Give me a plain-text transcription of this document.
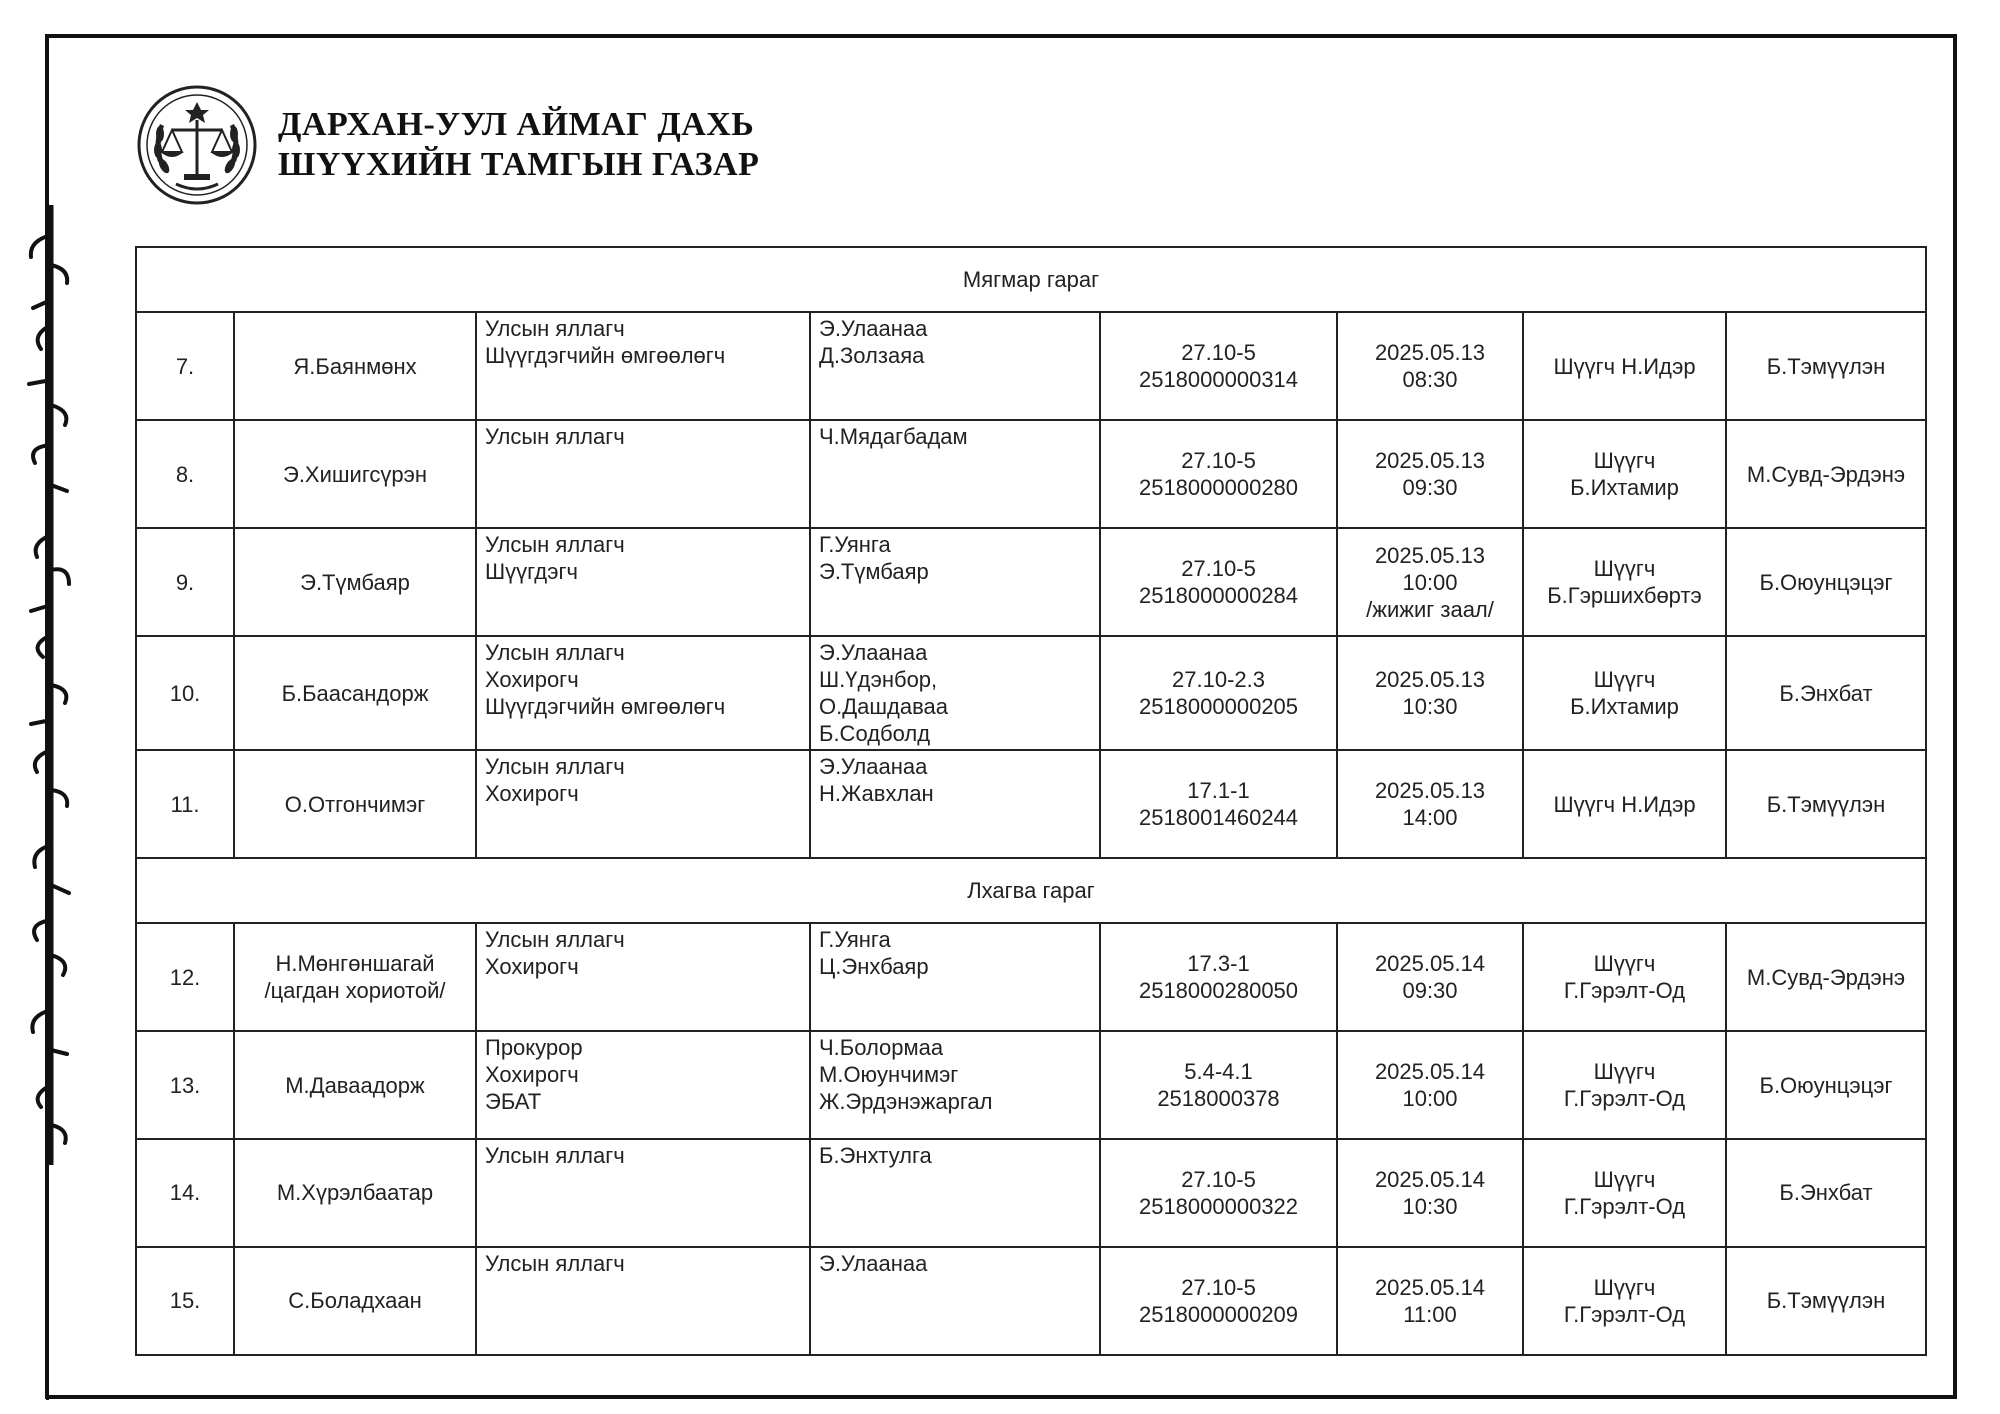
ДАРХАН-УУЛ АЙМАГ ДАХЬ
ШҮҮХИЙН ТАМГЫН ГАЗАР
Мягмар гараг							

7.	Я.Баянмөнх	Улсын яллагч
Шүүгдэгчийн өмгөөлөгч	Э.Улаанаа
Д.Золзаяа	27.10-5
2518000000314	2025.05.13
08:30	Шүүгч Н.Идэр	Б.Тэмүүлэн

8.	Э.Хишигсүрэн	Улсын яллагч	Ч.Мядагбадам	27.10-5
2518000000280	2025.05.13
09:30	Шүүгч
Б.Ихтамир	М.Сувд-Эрдэнэ

9.	Э.Түмбаяр	Улсын яллагч
Шүүгдэгч	Г.Уянга
Э.Түмбаяр	27.10-5
2518000000284	2025.05.13
10:00
/жижиг заал/	Шүүгч
Б.Гэршихбөртэ	Б.Оюунцэцэг

10.	Б.Баасандорж	Улсын яллагч
Хохирогч
Шүүгдэгчийн өмгөөлөгч	Э.Улаанаа
Ш.Үдэнбор,
О.Дашдаваа
Б.Содболд	27.10-2.3
2518000000205	2025.05.13
10:30	Шүүгч
Б.Ихтамир	Б.Энхбат

11.	О.Отгончимэг	Улсын яллагч
Хохирогч	Э.Улаанаа
Н.Жавхлан	17.1-1
2518001460244	2025.05.13
14:00	Шүүгч Н.Идэр	Б.Тэмүүлэн

Лхагва гараг							

12.	Н.Мөнгөншагай
/цагдан хориотой/	Улсын яллагч
Хохирогч	Г.Уянга
Ц.Энхбаяр	17.3-1
2518000280050	2025.05.14
09:30	Шүүгч
Г.Гэрэлт-Од	М.Сувд-Эрдэнэ

13.	М.Даваадорж	Прокурор
Хохирогч
ЭБАТ	Ч.Болормаа
М.Оюунчимэг
Ж.Эрдэнэжаргал	5.4-4.1
2518000378	2025.05.14
10:00	Шүүгч
Г.Гэрэлт-Од	Б.Оюунцэцэг

14.	М.Хүрэлбаатар	Улсын яллагч	Б.Энхтулга	27.10-5
2518000000322	2025.05.14
10:30	Шүүгч
Г.Гэрэлт-Од	Б.Энхбат

15.	С.Боладхаан	Улсын яллагч	Э.Улаанаа	27.10-5
2518000000209	2025.05.14
11:00	Шүүгч
Г.Гэрэлт-Од	Б.Тэмүүлэн
